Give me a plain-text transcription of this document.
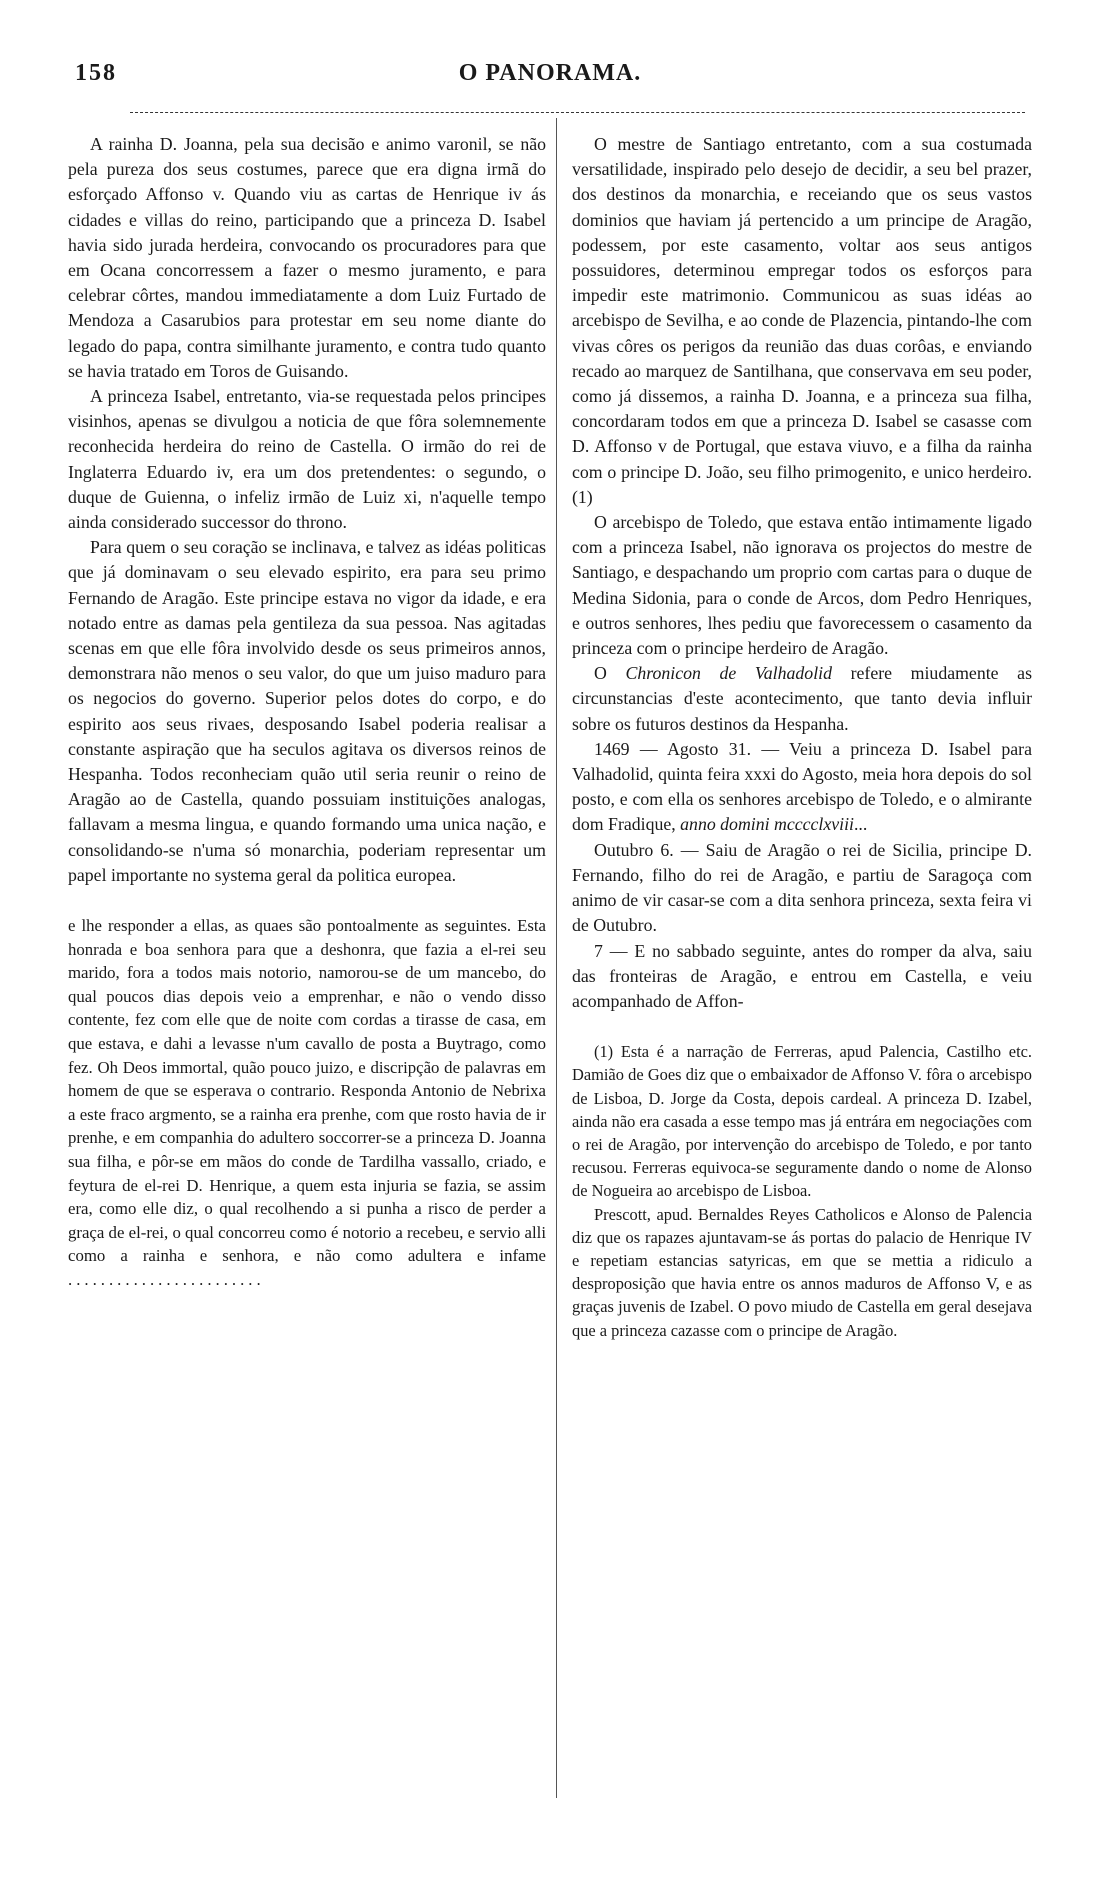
158	O PANORAMA.

A rainha D. Joanna, pela sua decisão e animo varonil, se não pela pureza dos seus costumes, parece que era digna irmã do esforçado Affonso v. Quando viu as cartas de Henrique iv ás cidades e villas do reino, participando que a princeza D. Isabel havia sido jurada herdeira, convocando os procuradores para que em Ocana concorressem a fazer o mesmo juramento, e para celebrar côrtes, mandou immediatamente a dom Luiz Furtado de Mendoza a Casarubios para protestar em seu nome diante do legado do papa, contra similhante juramento, e contra tudo quanto se havia tratado em Toros de Guisando.

A princeza Isabel, entretanto, via-se requestada pelos principes visinhos, apenas se divulgou a noticia de que fôra solemnemente reconhecida herdeira do reino de Castella. O irmão do rei de Inglaterra Eduardo iv, era um dos pretendentes: o segundo, o duque de Guienna, o infeliz irmão de Luiz xi, n'aquelle tempo ainda considerado successor do throno.

Para quem o seu coração se inclinava, e talvez as idéas politicas que já dominavam o seu elevado espirito, era para seu primo Fernando de Aragão. Este principe estava no vigor da idade, e era notado entre as damas pela gentileza da sua pessoa. Nas agitadas scenas em que elle fôra involvido desde os seus primeiros annos, demonstrara não menos o seu valor, do que um juiso maduro para os negocios do governo. Superior pelos dotes do corpo, e do espirito aos seus rivaes, desposando Isabel poderia realisar a constante aspiração que ha seculos agitava os diversos reinos de Hespanha. Todos reconheciam quão util seria reunir o reino de Aragão ao de Castella, quando possuiam instituições analogas, fallavam a mesma lingua, e quando formando uma unica nação, e consolidando-se n'uma só monarchia, poderiam representar um papel importante no systema geral da politica europea.

e lhe responder a ellas, as quaes são pontoalmente as seguintes. Esta honrada e boa senhora para que a deshonra, que fazia a el-rei seu marido, fora a todos mais notorio, namorou-se de um mancebo, do qual poucos dias depois veio a emprenhar, e não o vendo disso contente, fez com elle que de noite com cordas a tirasse de casa, em que estava, e dahi a levasse n'um cavallo de posta a Buytrago, como fez. Oh Deos immortal, quão pouco juizo, e discripção de palavras em homem de que se esperava o contrario. Responda Antonio de Nebrixa a este fraco argmento, se a rainha era prenhe, com que rosto havia de ir prenhe, e em companhia do adultero soccorrer-se a princeza D. Joanna sua filha, e pôr-se em mãos do conde de Tardilha vassallo, criado, e feytura de el-rei D. Henrique, a quem esta injuria se fazia, se assim era, como elle diz, o qual recolhendo a si punha a risco de perder a graça de el-rei, o qual concorreu como é notorio a recebeu, e servio alli como a rainha e senhora, e não como adultera e infame ........................

O mestre de Santiago entretanto, com a sua costumada versatilidade, inspirado pelo desejo de decidir, a seu bel prazer, dos destinos da monarchia, e receiando que os seus vastos dominios que haviam já pertencido a um principe de Aragão, podessem, por este casamento, voltar aos seus antigos possuidores, determinou empregar todos os esforços para impedir este matrimonio. Communicou as suas idéas ao arcebispo de Sevilha, e ao conde de Plazencia, pintando-lhe com vivas côres os perigos da reunião das duas corôas, e enviando recado ao marquez de Santilhana, que conservava em seu poder, como já dissemos, a rainha D. Joanna, e a princeza sua filha, concordaram todos em que a princeza D. Isabel se casasse com D. Affonso v de Portugal, que estava viuvo, e a filha da rainha com o principe D. João, seu filho primogenito, e unico herdeiro. (1)

O arcebispo de Toledo, que estava então intimamente ligado com a princeza Isabel, não ignorava os projectos do mestre de Santiago, e despachando um proprio com cartas para o duque de Medina Sidonia, para o conde de Arcos, dom Pedro Henriques, e outros senhores, lhes pediu que favorecessem o casamento da princeza com o principe herdeiro de Aragão.

O Chronicon de Valhadolid refere miudamente as circunstancias d'este acontecimento, que tanto devia influir sobre os futuros destinos da Hespanha.

1469 — Agosto 31. — Veiu a princeza D. Isabel para Valhadolid, quinta feira xxxi do Agosto, meia hora depois do sol posto, e com ella os senhores arcebispo de Toledo, e o almirante dom Fradique, anno domini mcccclxviii...

Outubro 6. — Saiu de Aragão o rei de Sicilia, principe D. Fernando, filho do rei de Aragão, e partiu de Saragoça com animo de vir casar-se com a dita senhora princeza, sexta feira vi de Outubro.

7 — E no sabbado seguinte, antes do romper da alva, saiu das fronteiras de Aragão, e entrou em Castella, e veiu acompanhado de Affon-

(1) Esta é a narração de Ferreras, apud Palencia, Castilho etc. Damião de Goes diz que o embaixador de Affonso V. fôra o arcebispo de Lisboa, D. Jorge da Costa, depois cardeal. A princeza D. Izabel, ainda não era casada a esse tempo mas já entrára em negociações com o rei de Aragão, por intervenção do arcebispo de Toledo, e por tanto recusou. Ferreras equivoca-se seguramente dando o nome de Alonso de Nogueira ao arcebispo de Lisboa.

Prescott, apud. Bernaldes Reyes Catholicos e Alonso de Palencia diz que os rapazes ajuntavam-se ás portas do palacio de Henrique IV e repetiam estancias satyricas, em que se mettia a ridiculo a desproposição que havia entre os annos maduros de Affonso V, e as graças juvenis de Izabel. O povo miudo de Castella em geral desejava que a princeza cazasse com o principe de Aragão.
